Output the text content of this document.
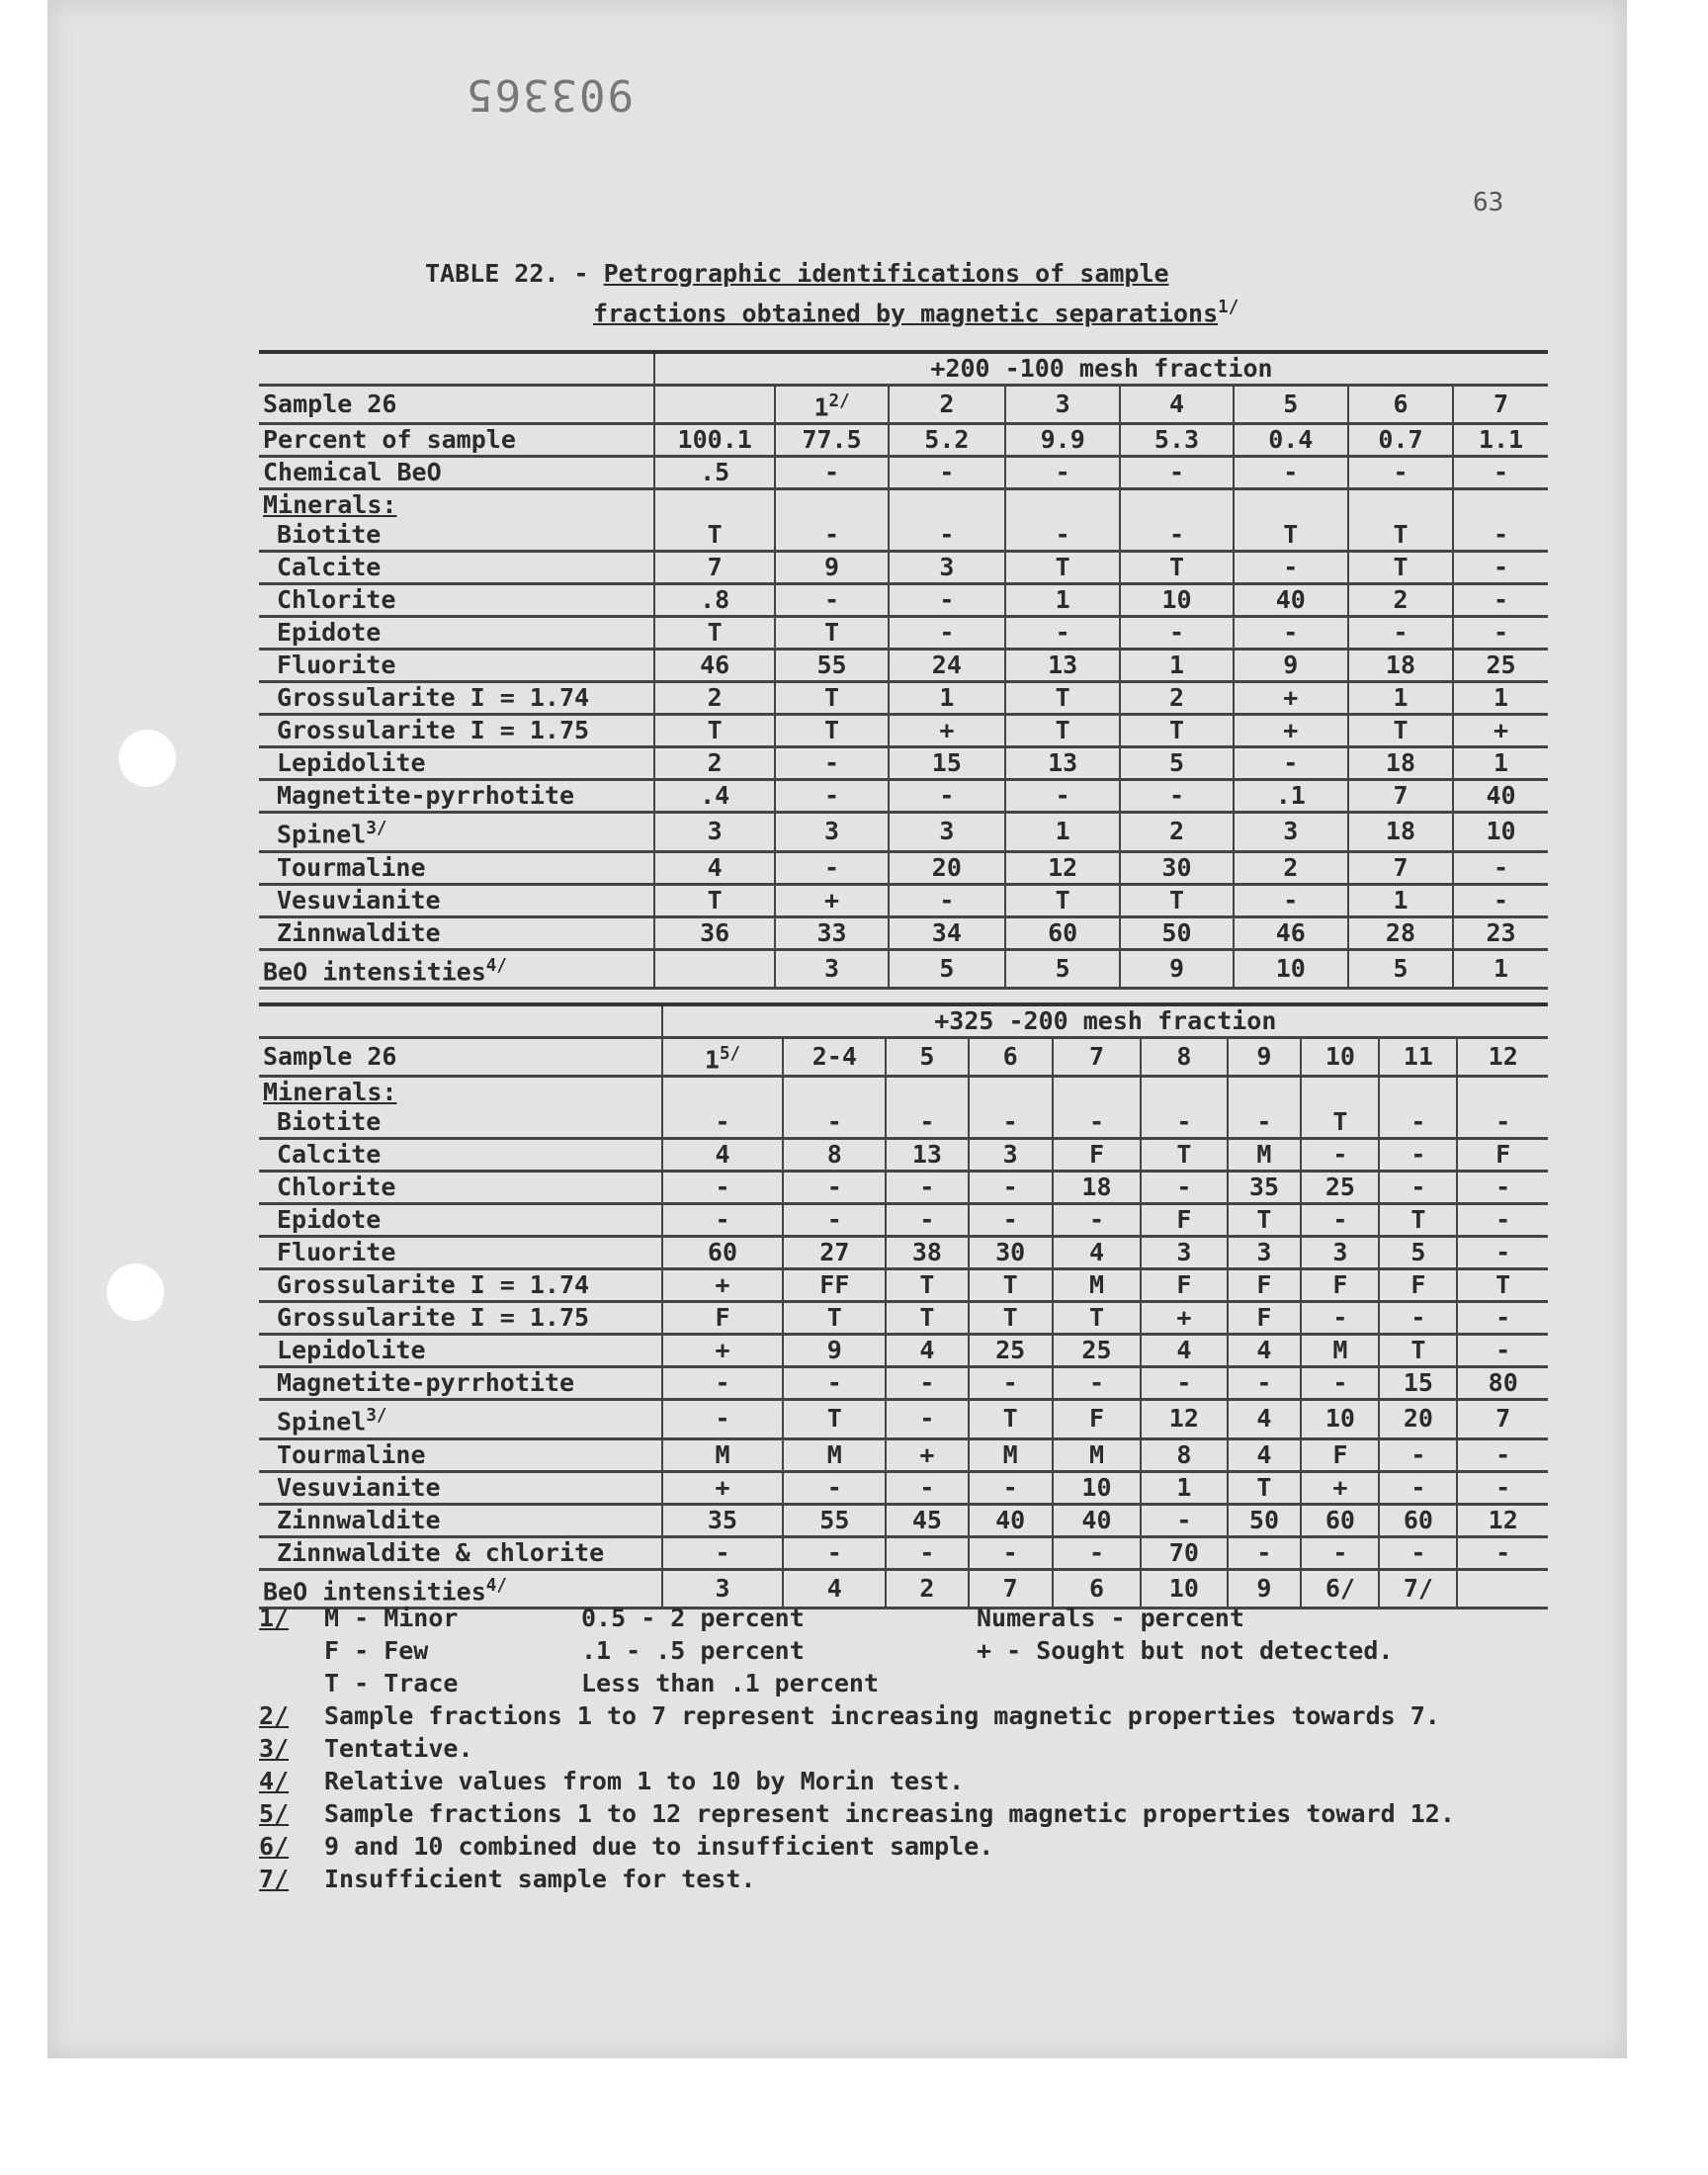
903365
63
TABLE 22. - Petrographic identifications of sample
fractions obtained by magnetic separations$^{1/}$
	+200 -100 mesh fraction							
Sample 26		$1^{2/}$	2	3	4	5	6	7
Percent of sample	100.1	77.5	5.2	9.9	5.3	0.4	0.7	1.1
Chemical BeO	.5	-	-	-	-	-	-	-
Minerals:								
Biotite	T	-	-	-	-	T	T	-
Calcite	7	9	3	T	T	-	T	-
Chlorite	.8	-	-	1	10	40	2	-
Epidote	T	T	-	-	-	-	-	-
Fluorite	46	55	24	13	1	9	18	25
Grossularite I = 1.74	2	T	1	T	2	+	1	1
Grossularite I = 1.75	T	T	+	T	T	+	T	+
Lepidolite	2	-	15	13	5	-	18	1
Magnetite-pyrrhotite	.4	-	-	-	-	.1	7	40
Spinel$^{3/}$	3	3	3	1	2	3	18	10
Tourmaline	4	-	20	12	30	2	7	-
Vesuvianite	T	+	-	T	T	-	1	-
Zinnwaldite	36	33	34	60	50	46	28	23
BeO intensities$^{4/}$		3	5	5	9	10	5	1
	+325 -200 mesh fraction									
Sample 26	$1^{5/}$	2-4	5	6	7	8	9	10	11	12
Minerals:										
Biotite	-	-	-	-	-	-	-	T	-	-
Calcite	4	8	13	3	F	T	M	-	-	F
Chlorite	-	-	-	-	18	-	35	25	-	-
Epidote	-	-	-	-	-	F	T	-	T	-
Fluorite	60	27	38	30	4	3	3	3	5	-
Grossularite I = 1.74	+	FF	T	T	M	F	F	F	F	T
Grossularite I = 1.75	F	T	T	T	T	+	F	-	-	-
Lepidolite	+	9	4	25	25	4	4	M	T	-
Magnetite-pyrrhotite	-	-	-	-	-	-	-	-	15	80
Spinel$^{3/}$	-	T	-	T	F	12	4	10	20	7
Tourmaline	M	M	+	M	M	8	4	F	-	-
Vesuvianite	+	-	-	-	10	1	T	+	-	-
Zinnwaldite	35	55	45	40	40	-	50	60	60	12
Zinnwaldite & chlorite	-	-	-	-	-	70	-	-	-	-
BeO intensities$^{4/}$	3	4	2	7	6	10	9	6/	7/	
1/	M - Minor	0.5 - 2 percent	Numerals - percent
F - Few	.1 - .5 percent	+ - Sought but not detected.
T - Trace	Less than .1 percent
2/	Sample fractions 1 to 7 represent increasing magnetic properties towards 7.
3/	Tentative.
4/	Relative values from 1 to 10 by Morin test.
5/	Sample fractions 1 to 12 represent increasing magnetic properties toward 12.
6/	9 and 10 combined due to insufficient sample.
7/	Insufficient sample for test.
